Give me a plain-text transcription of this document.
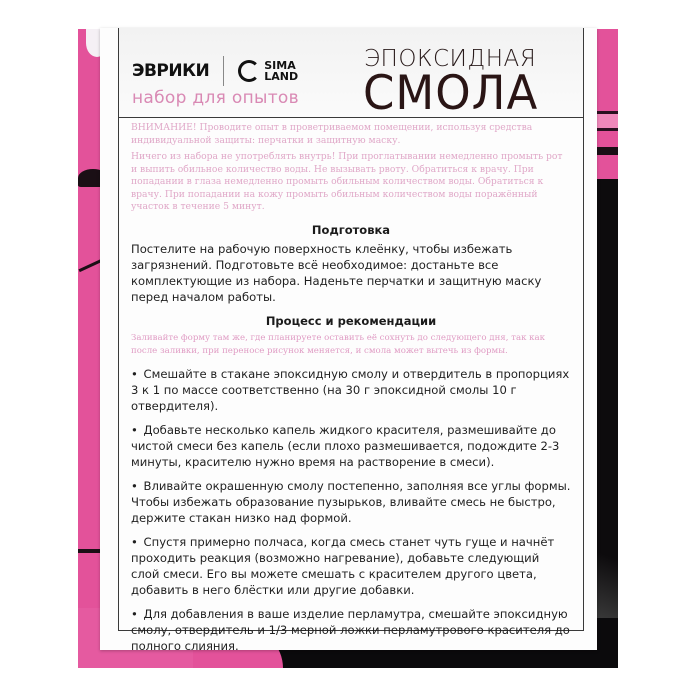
ЭВРИКИ	SIMA
LAND
набор для опытов
ЭПОКСИДНАЯ
СМОЛА

ВНИМАНИЕ! Проводите опыт в проветриваемом помещении, используя средства индивидуальной защиты: перчатки и защитную маску.

Ничего из набора не употреблять внутрь! При проглатывании немедленно промыть рот и выпить обильное количество воды. Не вызывать рвоту. Обратиться к врачу. При попадании в глаза немедленно промыть обильным количеством воды. Обратиться к врачу. При попадании на кожу промыть обильным количеством воды поражённый участок в течение 5 минут.

Подготовка

Постелите на рабочую поверхность клеёнку, чтобы избежать загрязнений. Подготовьте всё необходимое: достаньте все комплектующие из набора. Наденьте перчатки и защитную маску перед началом работы.

Процесс и рекомендации

Заливайте форму там же, где планируете оставить её сохнуть до следующего дня, так как после заливки, при переносе рисунок меняется, и смола может вытечь из формы.

• Смешайте в стакане эпоксидную смолу и отвердитель в пропорциях 3 к 1 по массе соответственно (на 30 г эпоксидной смолы 10 г отвердителя).

• Добавьте несколько капель жидкого красителя, размешивайте до чистой смеси без капель (если плохо размешивается, подождите 2-3 минуты, красителю нужно время на растворение в смеси).

• Вливайте окрашенную смолу постепенно, заполняя все углы формы. Чтобы избежать образование пузырьков, вливайте смесь не быстро, держите стакан низко над формой.

• Спустя примерно полчаса, когда смесь станет чуть гуще и начнёт проходить реакция (возможно нагревание), добавьте следующий слой смеси. Его вы можете смешать с красителем другого цвета, добавить в него блёстки или другие добавки.

• Для добавления в ваше изделие перламутра, смешайте эпоксидную смолу, отвердитель и 1/3 мерной ложки перламутрового красителя до полного слияния.
